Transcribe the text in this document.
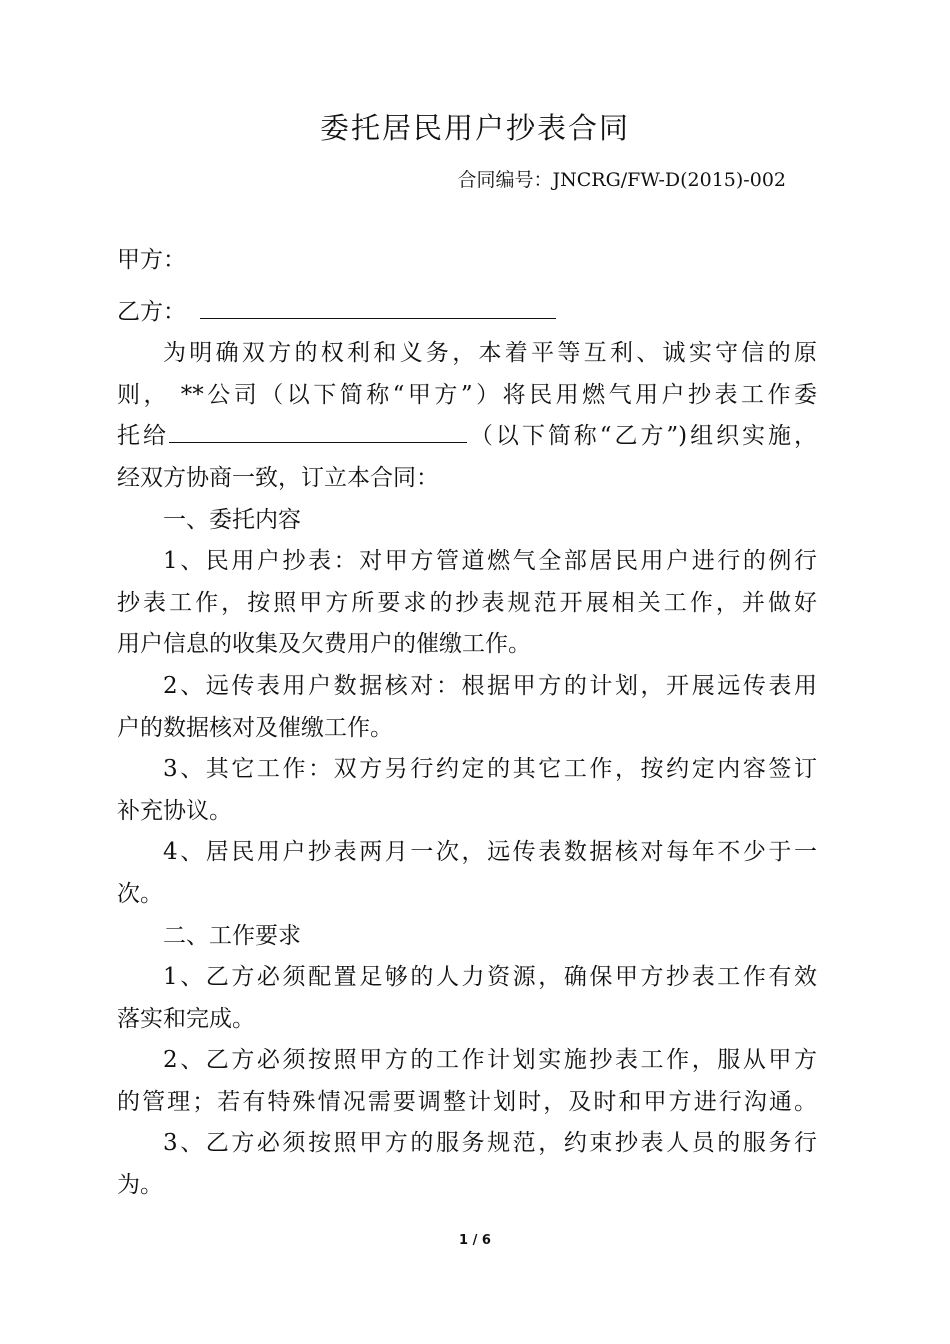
委托居民用户抄表合同

合同编号：JNCRG/FW-D(2015)-002

甲方：
乙方：
为明确双方的权利和义务，本着平等互利、诚实守信的原
则， **公司（以下简称“甲方”）将民用燃气用户抄表工作委
托给	（以下简称“乙方”)组织实施，
经双方协商一致，订立本合同：
一、委托内容
1、民用户抄表：对甲方管道燃气全部居民用户进行的例行
抄表工作，按照甲方所要求的抄表规范开展相关工作，并做好
用户信息的收集及欠费用户的催缴工作。
2、远传表用户数据核对：根据甲方的计划，开展远传表用
户的数据核对及催缴工作。
3、其它工作：双方另行约定的其它工作，按约定内容签订
补充协议。
4、居民用户抄表两月一次，远传表数据核对每年不少于一
次。
二、工作要求
1、乙方必须配置足够的人力资源，确保甲方抄表工作有效
落实和完成。
2、乙方必须按照甲方的工作计划实施抄表工作，服从甲方
的管理；若有特殊情况需要调整计划时，及时和甲方进行沟通。
3、乙方必须按照甲方的服务规范，约束抄表人员的服务行
为。
1 / 6
